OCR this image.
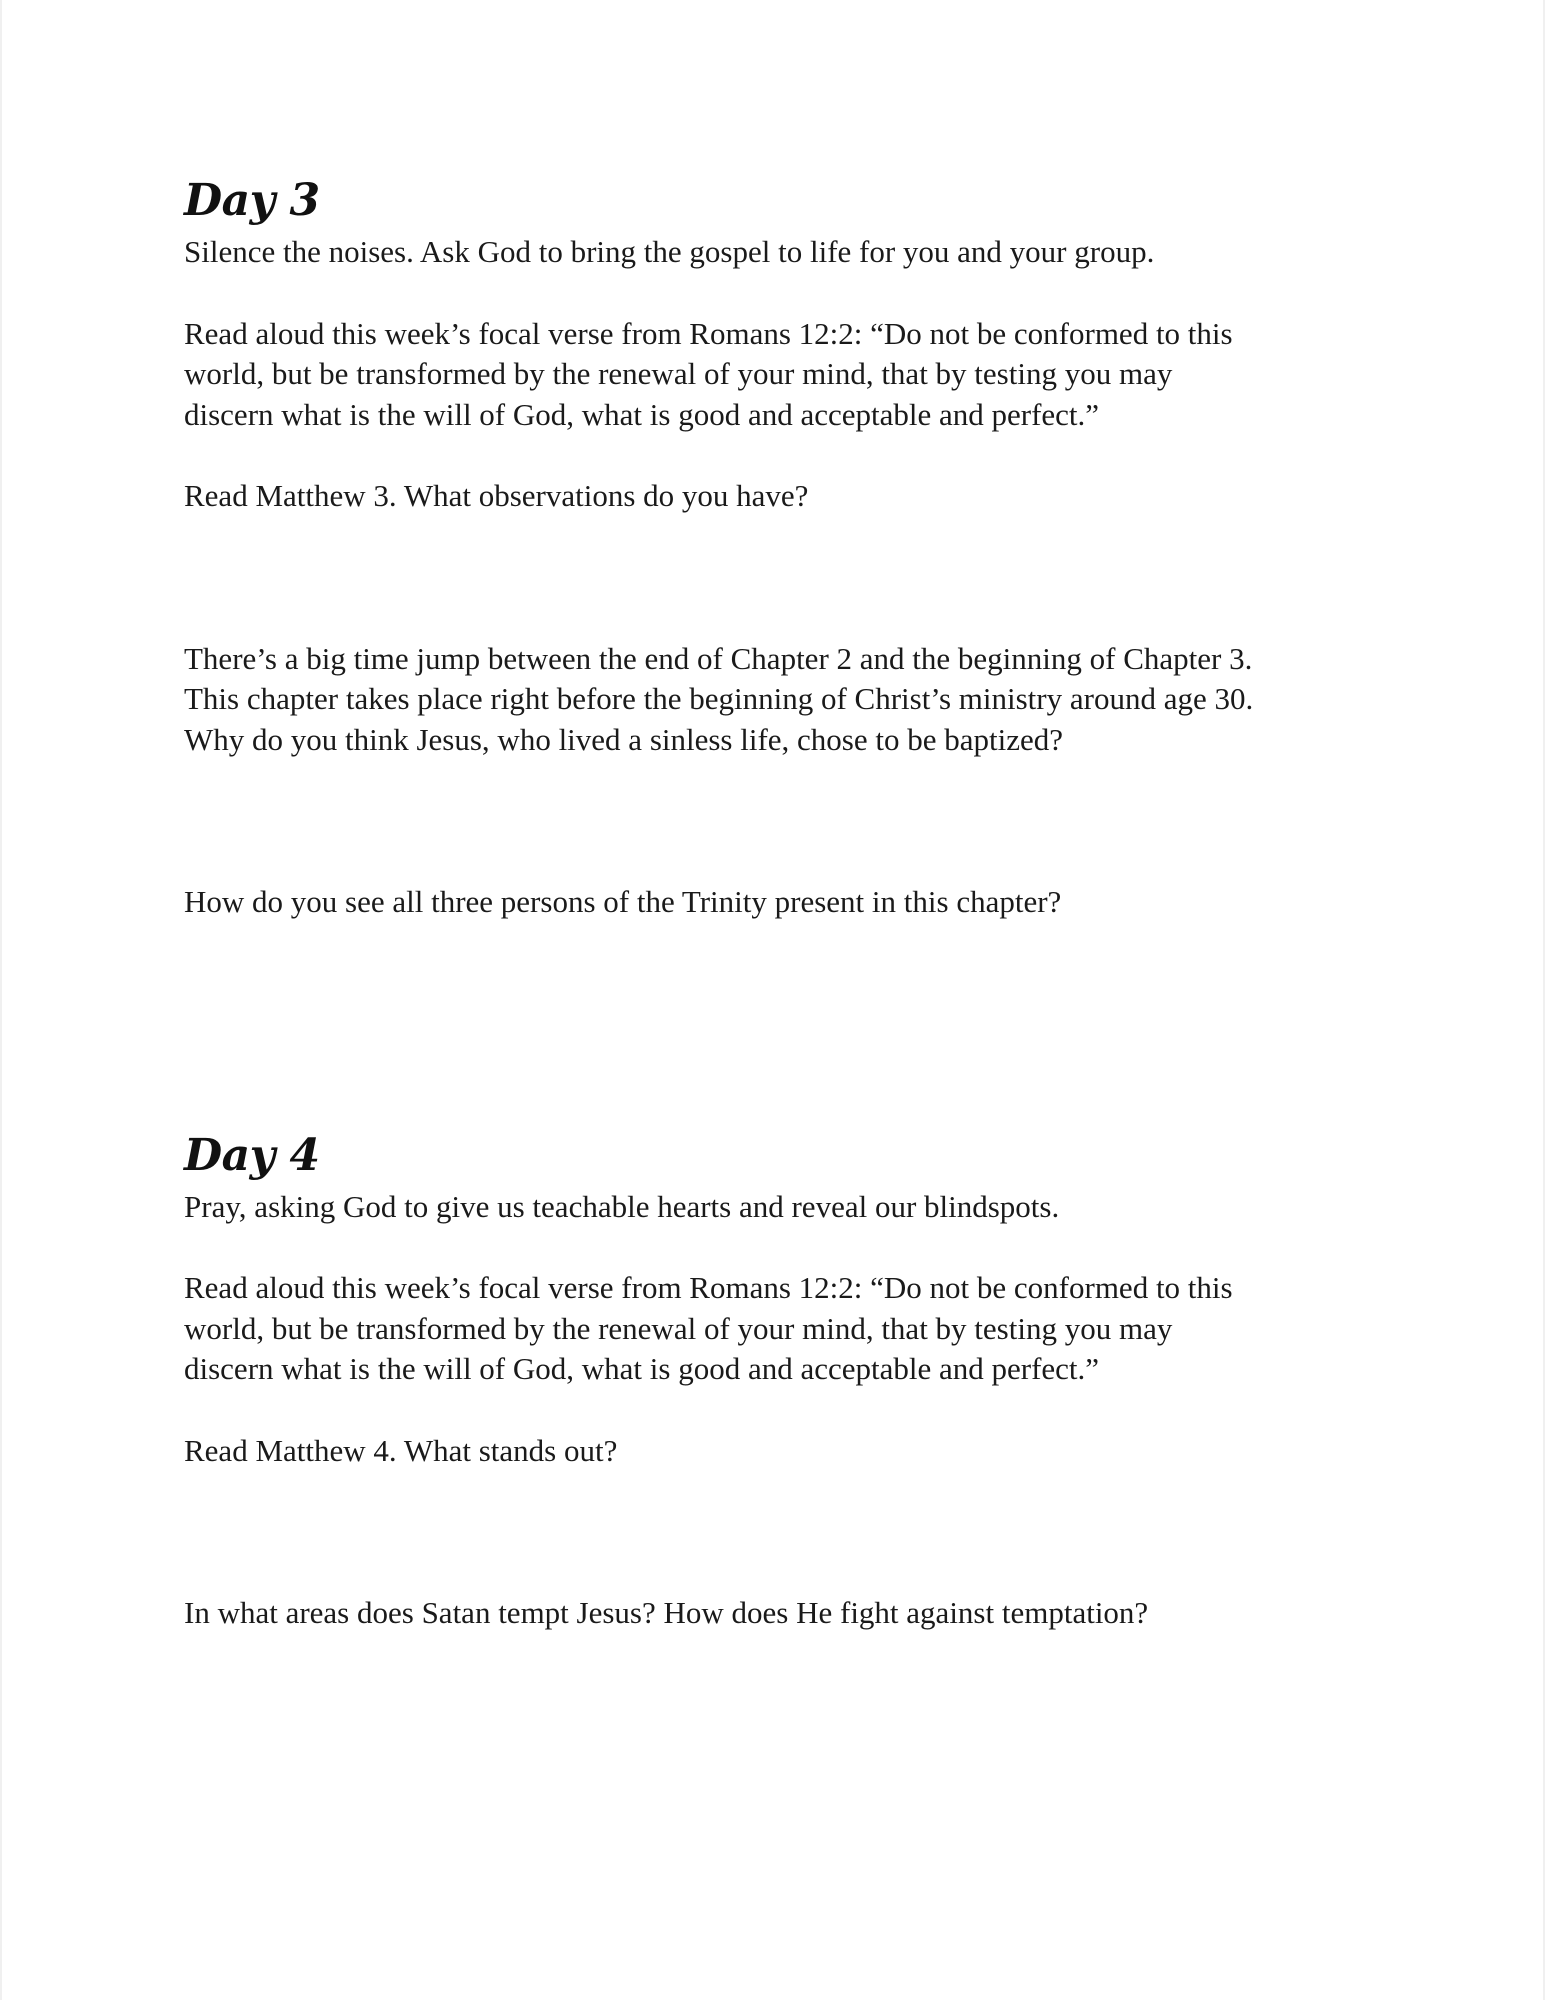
Day 3

Silence the noises. Ask God to bring the gospel to life for you and your group.

Read aloud this week’s focal verse from Romans 12:2: “Do not be conformed to this

world, but be transformed by the renewal of your mind, that by testing you may

discern what is the will of God, what is good and acceptable and perfect.”

Read Matthew 3. What observations do you have?

There’s a big time jump between the end of Chapter 2 and the beginning of Chapter 3.

This chapter takes place right before the beginning of Christ’s ministry around age 30.

Why do you think Jesus, who lived a sinless life, chose to be baptized?

How do you see all three persons of the Trinity present in this chapter?

Day 4

Pray, asking God to give us teachable hearts and reveal our blindspots.

Read aloud this week’s focal verse from Romans 12:2: “Do not be conformed to this

world, but be transformed by the renewal of your mind, that by testing you may

discern what is the will of God, what is good and acceptable and perfect.”

Read Matthew 4. What stands out?

In what areas does Satan tempt Jesus? How does He fight against temptation?
